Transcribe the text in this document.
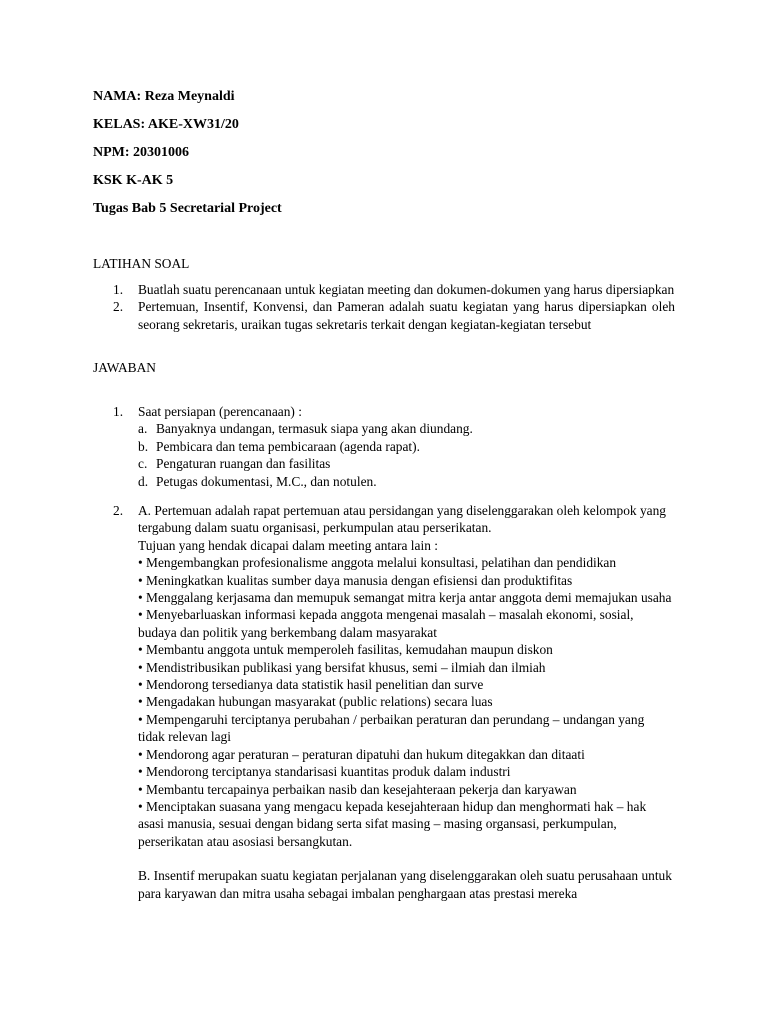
NAMA: Reza Meynaldi

KELAS: AKE-XW31/20

NPM: 20301006

KSK K-AK 5

Tugas Bab 5 Secretarial Project

LATIHAN SOAL

1.	Buatlah suatu perencanaan untuk kegiatan meeting dan dokumen-dokumen yang harus dipersiapkan
2.	Pertemuan, Insentif, Konvensi, dan Pameran adalah suatu kegiatan yang harus dipersiapkan oleh seorang sekretaris, uraikan tugas sekretaris terkait dengan kegiatan-kegiatan tersebut

JAWABAN

1. Saat persiapan (perencanaan) :

a. Banyaknya undangan, termasuk siapa yang akan diundang.
b. Pembicara dan tema pembicaraan (agenda rapat).
c. Pengaturan ruangan dan fasilitas
d. Petugas dokumentasi, M.C., dan notulen.
2. A. Pertemuan adalah rapat pertemuan atau persidangan yang diselenggarakan oleh kelompok yang tergabung dalam suatu organisasi, perkumpulan atau perserikatan.

Tujuan yang hendak dicapai dalam meeting antara lain :

• Mengembangkan profesionalisme anggota melalui konsultasi, pelatihan dan pendidikan

• Meningkatkan kualitas sumber daya manusia dengan efisiensi dan produktifitas

• Menggalang kerjasama dan memupuk semangat mitra kerja antar anggota demi memajukan usaha

• Menyebarluaskan informasi kepada anggota mengenai masalah – masalah ekonomi, sosial, budaya dan politik yang berkembang dalam masyarakat

• Membantu anggota untuk memperoleh fasilitas, kemudahan maupun diskon

• Mendistribusikan publikasi yang bersifat khusus, semi – ilmiah dan ilmiah

• Mendorong tersedianya data statistik hasil penelitian dan surve

• Mengadakan hubungan masyarakat (public relations) secara luas

• Mempengaruhi terciptanya perubahan / perbaikan peraturan dan perundang – undangan yang tidak relevan lagi

• Mendorong agar peraturan – peraturan dipatuhi dan hukum ditegakkan dan ditaati

• Mendorong terciptanya standarisasi kuantitas produk dalam industri

• Membantu tercapainya perbaikan nasib dan kesejahteraan pekerja dan karyawan

• Menciptakan suasana yang mengacu kepada kesejahteraan hidup dan menghormati hak – hak asasi manusia, sesuai dengan bidang serta sifat masing – masing organsasi, perkumpulan, perserikatan atau asosiasi bersangkutan.

B. Insentif merupakan suatu kegiatan perjalanan yang diselenggarakan oleh suatu perusahaan untuk para karyawan dan mitra usaha sebagai imbalan penghargaan atas prestasi mereka
